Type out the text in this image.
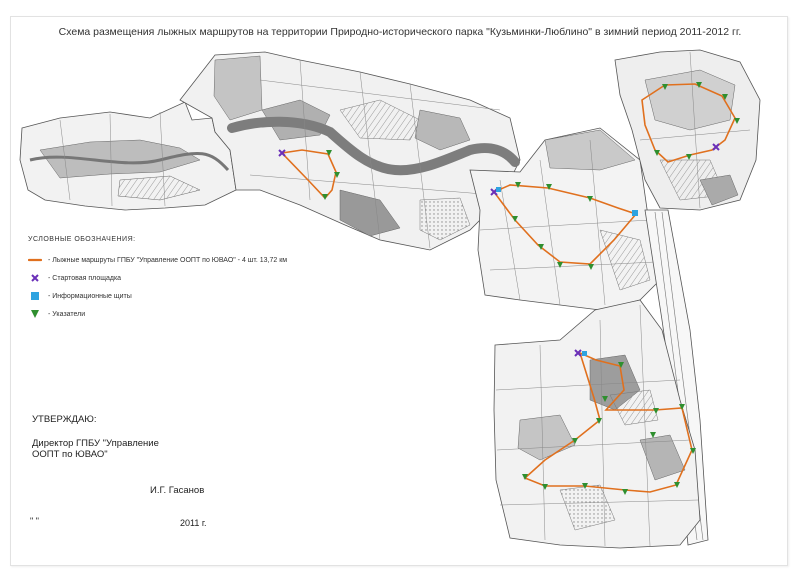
Схема размещения лыжных маршрутов на территории Природно-исторического парка "Кузьминки-Люблино" в зимний период 2011-2012 гг.
УСЛОВНЫЕ ОБОЗНАЧЕНИЯ:
- Лыжные маршруты ГПБУ "Управление ООПТ по ЮВАО" - 4 шт. 13,72 км
- Стартовая площадка
- Информационные щиты
- Указатели
УТВЕРЖДАЮ:
Директор ГПБУ "Управление
ООПТ по ЮВАО"
И.Г. Гасанов
" "	2011 г.
